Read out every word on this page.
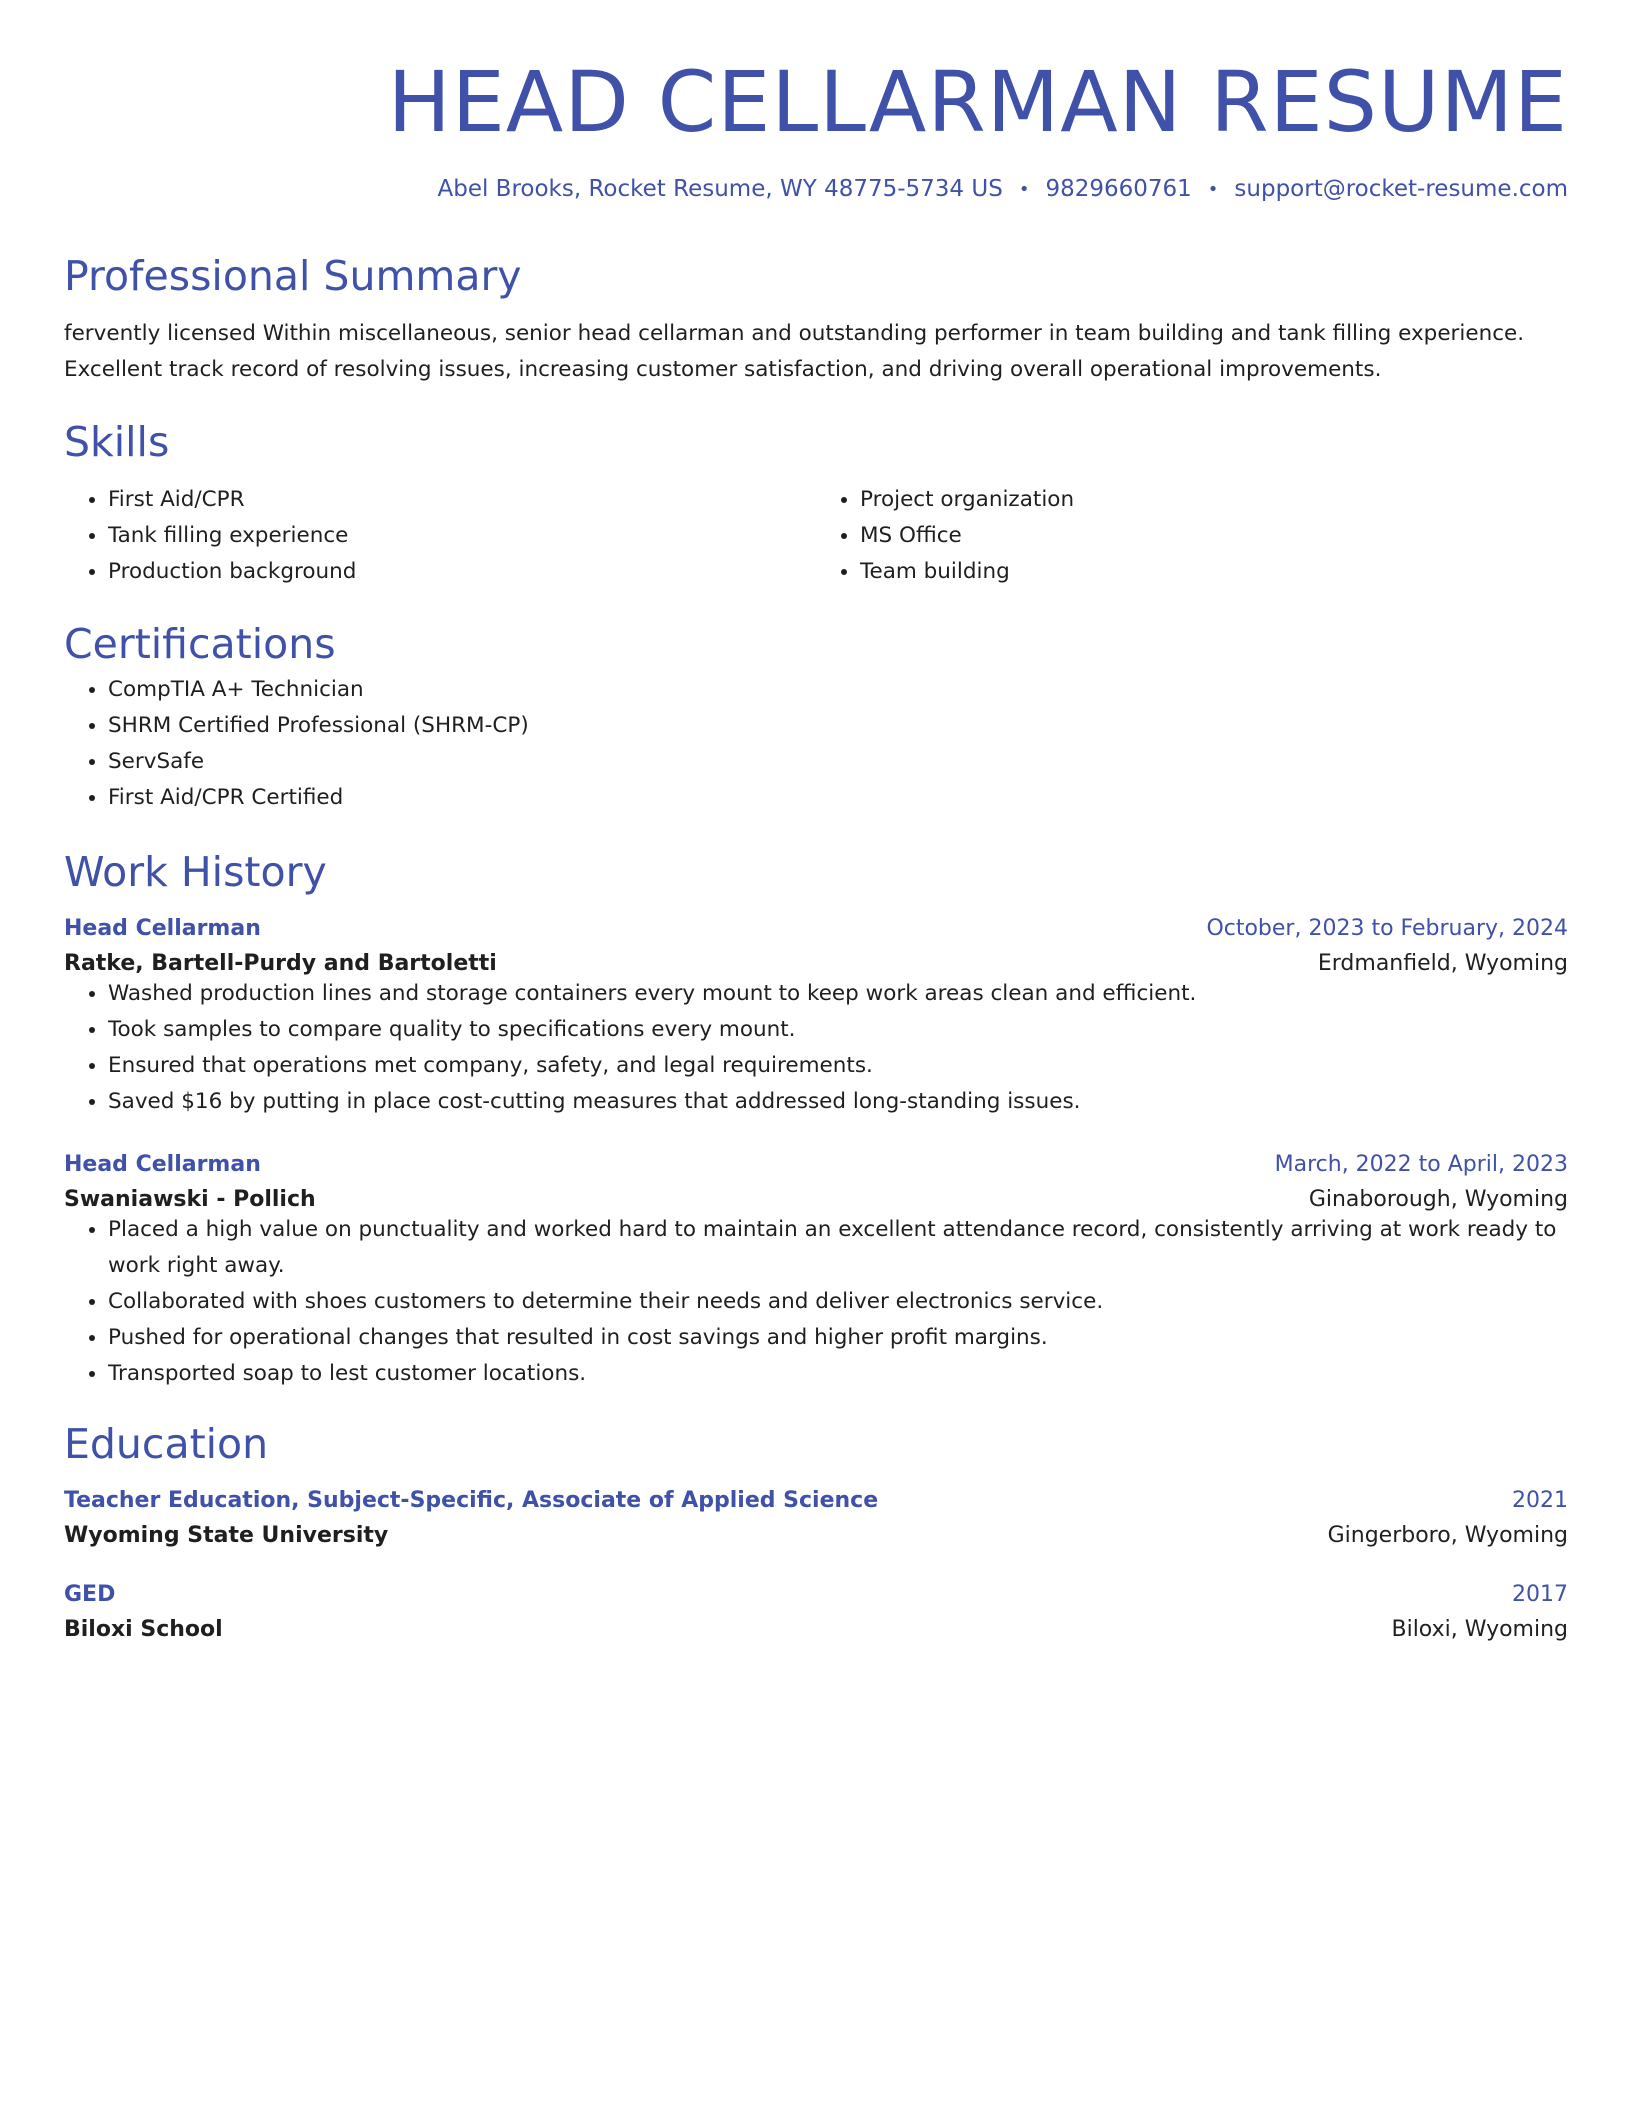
HEAD CELLARMAN RESUME
Abel Brooks, Rocket Resume, WY 48775-5734 US • 9829660761 • support@rocket-resume.com
Professional Summary
fervently licensed Within miscellaneous, senior head cellarman and outstanding performer in team building and tank filling experience. Excellent track record of resolving issues, increasing customer satisfaction, and driving overall operational improvements.
Skills
• First Aid/CPR
• Tank filling experience
• Production background
• Project organization
• MS Office
• Team building
Certifications
• CompTIA A+ Technician
• SHRM Certified Professional (SHRM-CP)
• ServSafe
• First Aid/CPR Certified
Work History
Head Cellarman	October, 2023 to February, 2024
Ratke, Bartell-Purdy and Bartoletti	Erdmanfield, Wyoming
• Washed production lines and storage containers every mount to keep work areas clean and efficient.
• Took samples to compare quality to specifications every mount.
• Ensured that operations met company, safety, and legal requirements.
• Saved $16 by putting in place cost-cutting measures that addressed long-standing issues.
Head Cellarman	March, 2022 to April, 2023
Swaniawski - Pollich	Ginaborough, Wyoming
• Placed a high value on punctuality and worked hard to maintain an excellent attendance record, consistently arriving at work ready to work right away.
• Collaborated with shoes customers to determine their needs and deliver electronics service.
• Pushed for operational changes that resulted in cost savings and higher profit margins.
• Transported soap to lest customer locations.
Education
Teacher Education, Subject-Specific, Associate of Applied Science	2021
Wyoming State University	Gingerboro, Wyoming
GED	2017
Biloxi School	Biloxi, Wyoming
